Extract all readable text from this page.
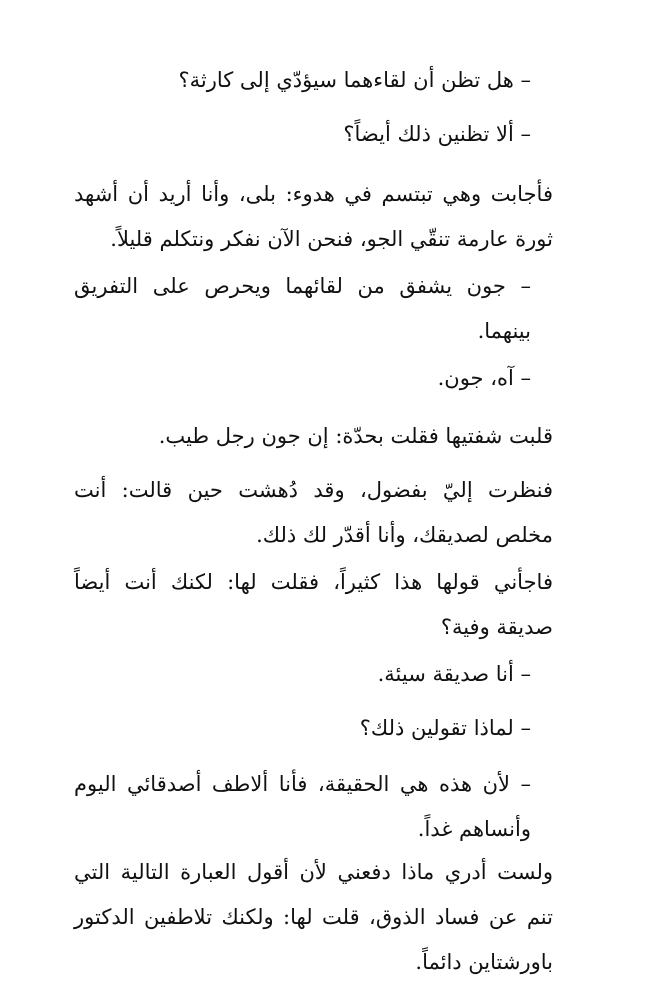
– هل تظن أن لقاءهما سيؤدّي إلى كارثة؟

– ألا تظنين ذلك أيضاً؟

فأجابت وهي تبتسم في هدوء: بلى، وأنا أريد أن أشهد ثورة عارمة تنقّي الجو، فنحن الآن نفكر ونتكلم قليلاً.

– جون يشفق من لقائهما ويحرص على التفريق بينهما.

– آه، جون.

قلبت شفتيها فقلت بحدّة: إن جون رجل طيب.

فنظرت إليّ بفضول، وقد دُهشت حين قالت: أنت مخلص لصديقك، وأنا أقدّر لك ذلك.

فاجأني قولها هذا كثيراً، فقلت لها: لكنك أنت أيضاً صديقة وفية؟

– أنا صديقة سيئة.

– لماذا تقولين ذلك؟

– لأن هذه هي الحقيقة، فأنا ألاطف أصدقائي اليوم وأنساهم غداً.

ولست أدري ماذا دفعني لأن أقول العبارة التالية التي تنم عن فساد الذوق، قلت لها: ولكنك تلاطفين الدكتور باورشتاين دائماً.
